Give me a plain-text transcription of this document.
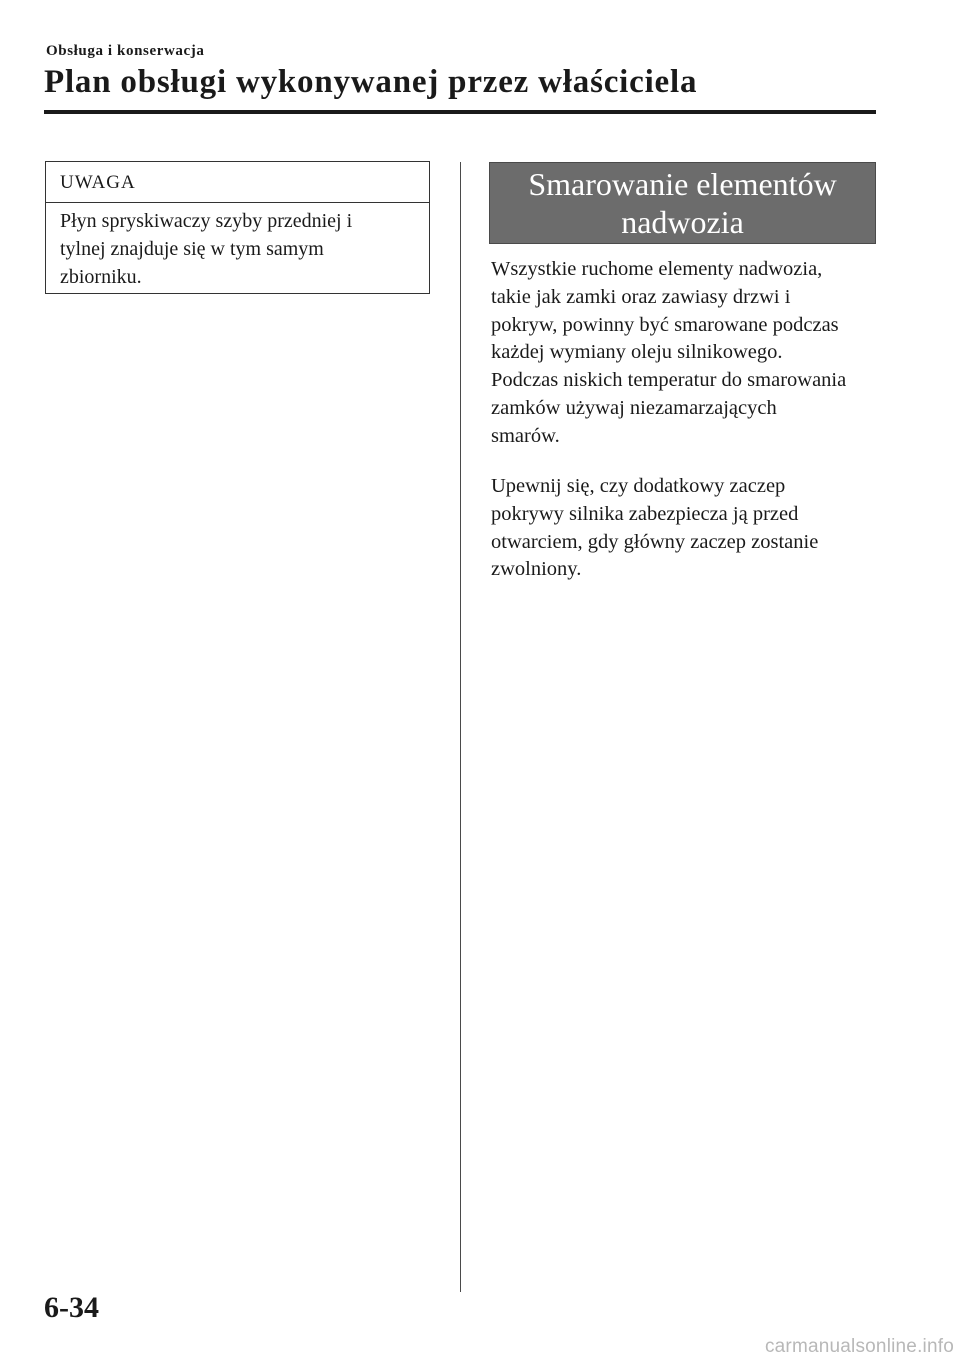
Obsługa i konserwacja
Plan obsługi wykonywanej przez właściciela
UWAGA

Płyn spryskiwaczy szyby przedniej i

tylnej znajduje się w tym samym

zbiorniku.

Smarowanie elementów

nadwozia

Wszystkie ruchome elementy nadwozia,

takie jak zamki oraz zawiasy drzwi i

pokryw, powinny być smarowane podczas

każdej wymiany oleju silnikowego.

Podczas niskich temperatur do smarowania

zamków używaj niezamarzających

smarów.

Upewnij się, czy dodatkowy zaczep

pokrywy silnika zabezpiecza ją przed

otwarciem, gdy główny zaczep zostanie

zwolniony.

6-34
carmanualsonline.info
